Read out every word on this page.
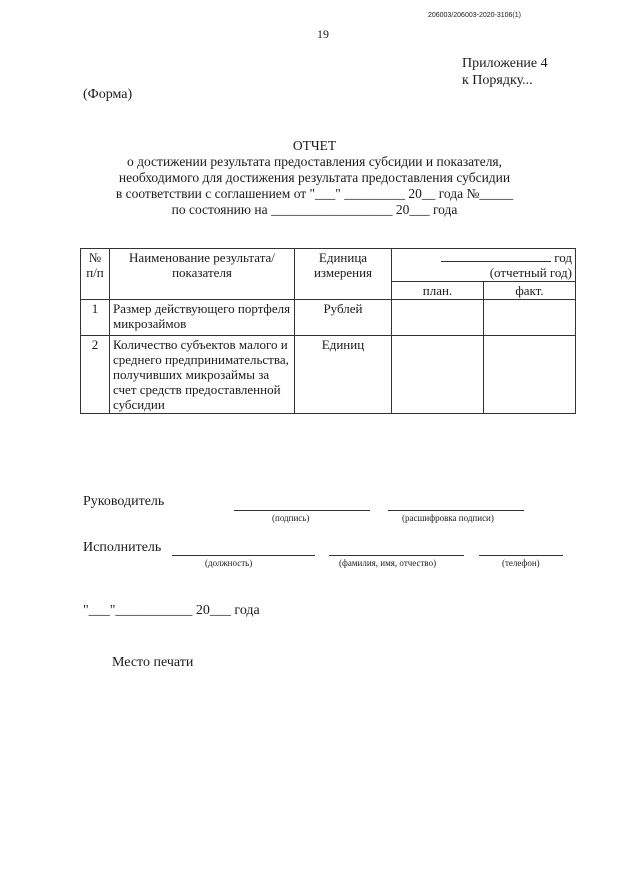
206003/206003-2020-3106(1)
19
Приложение 4
к Порядку...
(Форма)
ОТЧЕТ
о достижении результата предоставления субсидии и показателя,
необходимого для достижения результата предоставления субсидии
в соответствии с соглашением от "___" _________ 20__ года №_____
по состоянию на __________________ 20___ года
№ п/п	Наименование результата/показателя	Единица измерения	год
(отчетный год)	

			план.	факт.
1	Размер действующего портфеля микрозаймов	Рублей		
2	Количество субъектов малого и среднего предпринимательства, получивших микрозаймы за счет средств предоставленной субсидии	Единиц		
Руководитель
(подпись)	(расшифровка подписи)
Исполнитель
(должность)	(фамилия, имя, отчество)	(телефон)
"___"___________ 20___ года
Место печати
